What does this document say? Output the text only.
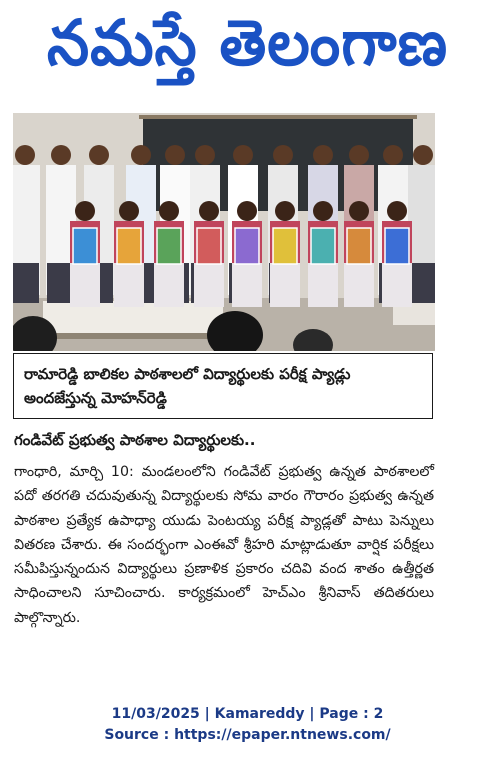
నమస్తే తెలంగాణ
రామారెడ్డి బాలికల పాఠశాలలో విద్యార్థులకు పరీక్ష ప్యాడ్లు
అందజేస్తున్న మోహన్‌రెడ్డి
గండివేట్ ప్రభుత్వ పాఠశాల విద్యార్థులకు..
గాంధారి, మార్చి 10: మండలంలోని గండివేట్ ప్రభుత్వ ఉన్నత పాఠశాలలో పదో తరగతి చదువుతున్న విద్యార్థులకు సోమ వారం గౌరారం ప్రభుత్వ ఉన్నత పాఠశాల ప్రత్యేక ఉపాధ్యా యుడు పెంటయ్య పరీక్ష ప్యాడ్లతో పాటు పెన్నులు వితరణ చేశారు. ఈ సందర్భంగా ఎంఈవో శ్రీహరి మాట్లాడుతూ వార్షిక పరీక్షలు సమీపిస్తున్నందున విద్యార్థులు ప్రణాళిక ప్రకారం చదివి వంద శాతం ఉత్తీర్ణత సాధించాలని సూచించారు. కార్యక్రమంలో హెచ్ఎం శ్రీనివాస్ తదితరులు పాల్గొన్నారు.
11/03/2025 | Kamareddy | Page : 2
Source : https://epaper.ntnews.com/
